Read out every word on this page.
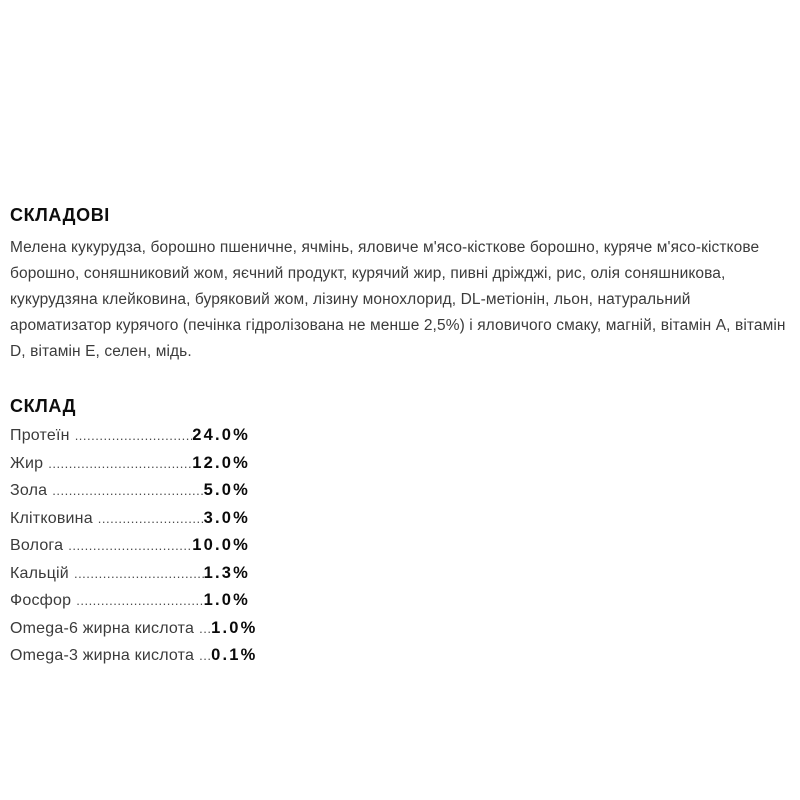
СКЛАДОВІ

Мелена кукурудза, борошно пшеничне, ячмінь, яловиче м'ясо-кісткове борошно, куряче м'ясо-кісткове борошно, соняшниковий жом, яєчний продукт, курячий жир, пивні дріжджі, рис, олія соняшникова, кукурудзяна клейковина, буряковий жом, лізину монохлорид, DL-метіонін, льон, натуральний ароматизатор курячого (печінка гідролізована не менше 2,5%) і яловичого смаку, магній, вітамін A, вітамін D, вітамін E, селен, мідь.

СКЛАД
Протеїн .....	24.0%
Жир .....	12.0%
Зола .....	5.0%
Клітковина .....	3.0%
Волога .....	10.0%
Кальцій .....	1.3%
Фосфор .....	1.0%
Omega-6 жирна кислота ..... 1.0%
Omega-3 жирна кислота ..... 0.1%
